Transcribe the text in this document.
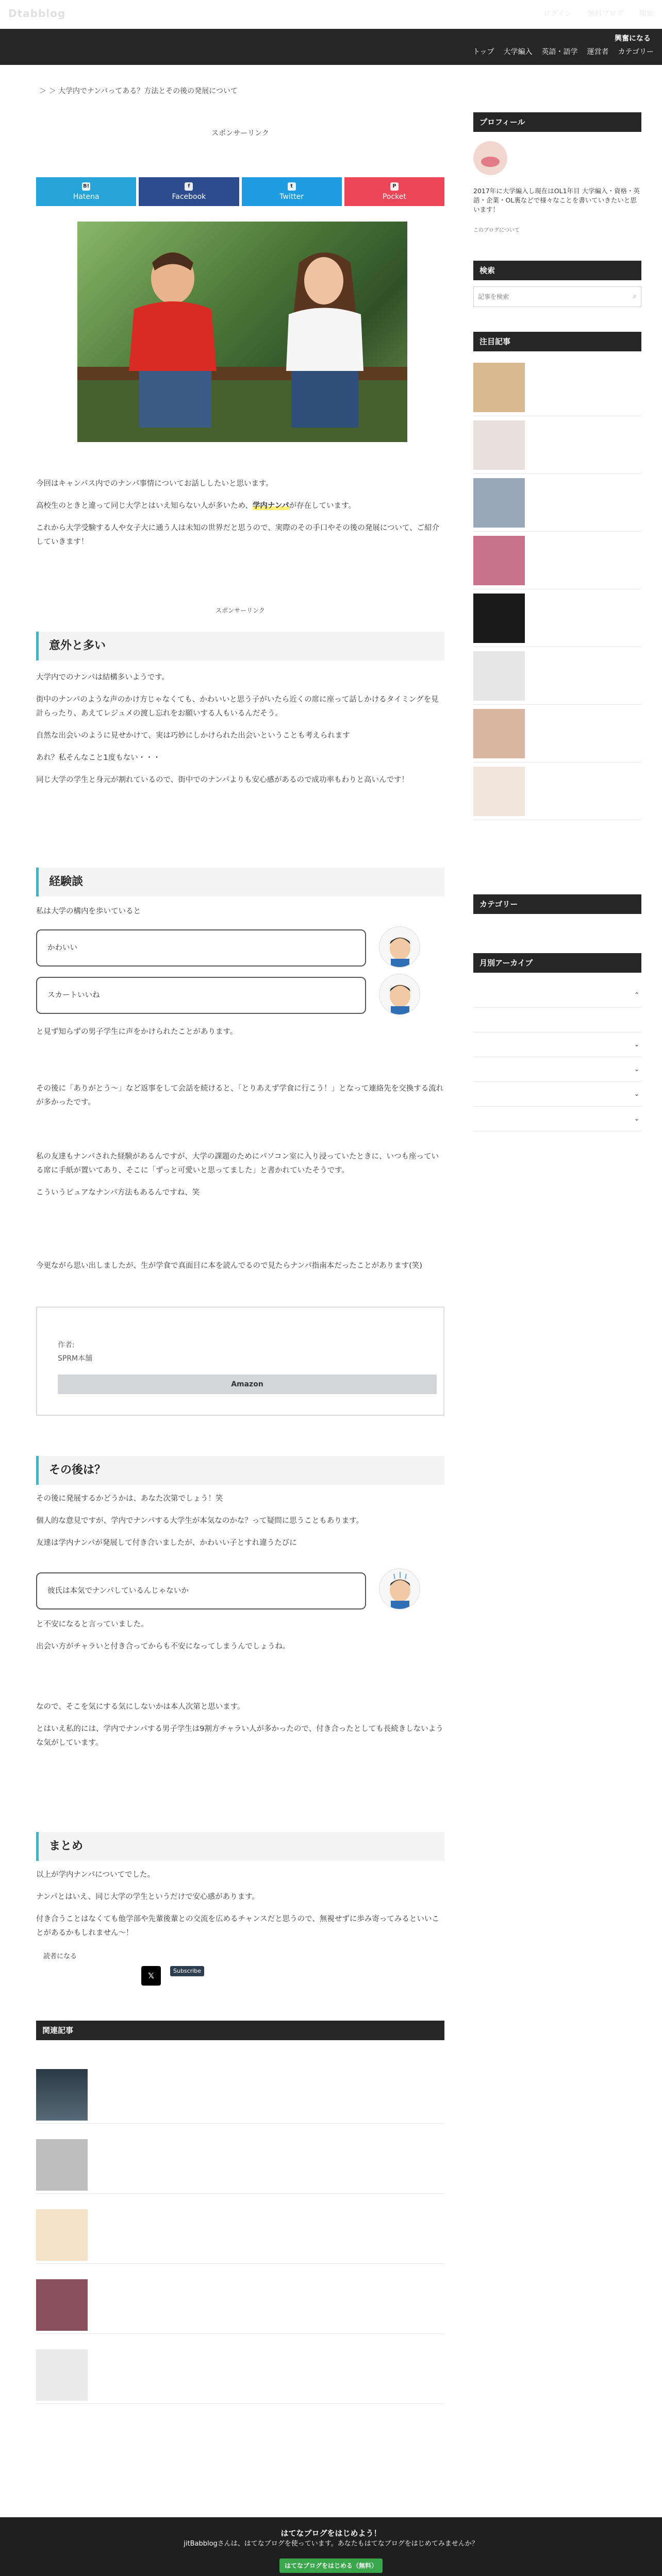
Dtabblog	ログイン 無料ブログ 開始
興奮になる
トップ 大学編入 英語・語学 運営者 カテゴリー
＞ ＞ 大学内でナンパってある？方法とその後の発展について
スポンサーリンク
B!
Hatena
f
Facebook
t
Twitter
P
Pocket

今回はキャンパス内でのナンパ事情についてお話ししたいと思います。

高校生のときと違って同じ大学とはいえ知らない人が多いため、学内ナンパが存在しています。

これから大学受験する人や女子大に通う人は未知の世界だと思うので、実際のその手口やその後の発展について、ご紹介していきます！

スポンサーリンク
意外と多い

大学内でのナンパは結構多いようです。

街中のナンパのような声のかけ方じゃなくても、かわいいと思う子がいたら近くの席に座って話しかけるタイミングを見計らったり、あえてレジュメの渡し忘れをお願いする人もいるんだそう。

自然な出会いのように見せかけて、実は巧妙にしかけられた出会いということも考えられます

あれ？私そんなこと1度もない・・・

同じ大学の学生と身元が割れているので、街中でのナンパよりも安心感があるので成功率もわりと高いんです！

経験談

私は大学の構内を歩いていると

かわいい
スカートいいね

と見ず知らずの男子学生に声をかけられたことがあります。

その後に「ありがとう～」など返事をして会話を続けると、「とりあえず学食に行こう！」となって連絡先を交換する流れが多かったです。

私の友達もナンパされた経験があるんですが、大学の課題のためにパソコン室に入り浸っていたときに、いつも座っている席に手紙が置いてあり、そこに「ずっと可愛いと思ってました」と書かれていたそうです。

こういうピュアなナンパ方法もあるんですね、笑

今更ながら思い出しましたが、生が学食で真面目に本を読んでるので見たらナンパ指南本だったことがあります(笑)

作者:
SPRM本舗
Amazon
その後は？

その後に発展するかどうかは、あなた次第でしょう！笑

個人的な意見ですが、学内でナンパする大学生が本気なのかな？って疑問に思うこともあります。

友達は学内ナンパが発展して付き合いましたが、かわいい子とすれ違うたびに

彼氏は本気でナンパしているんじゃないか

と不安になると言っていました。

出会い方がチャラいと付き合ってからも不安になってしまうんでしょうね。

なので、そこを気にする気にしないかは本人次第と思います。

とはいえ私的には、学内でナンパする男子学生は9割方チャラい人が多かったので、付き合ったとしても長続きしないような気がしています。

まとめ

以上が学内ナンパについてでした。

ナンパとはいえ、同じ大学の学生というだけで安心感があります。

付き合うことはなくても他学部や先輩後輩との交流を広めるチャンスだと思うので、無視せずに歩み寄ってみるといいことがあるかもしれません〜！

読者になる
𝕏
Subscribe
関連記事
プロフィール
2017年に大学編入し現在はOL1年目 大学編入・資格・英語・企業・OL裏などで様々なことを書いていきたいと思います！
このブログについて
検索
記事を検索
⌕
注目記事
カテゴリー
月別アーカイブ
⌃
⌄
⌄
⌄
⌄
はてなブログをはじめよう！
jitBabblogさんは、はてなブログを使っています。あなたもはてなブログをはじめてみませんか？
はてなブログをはじめる（無料）
